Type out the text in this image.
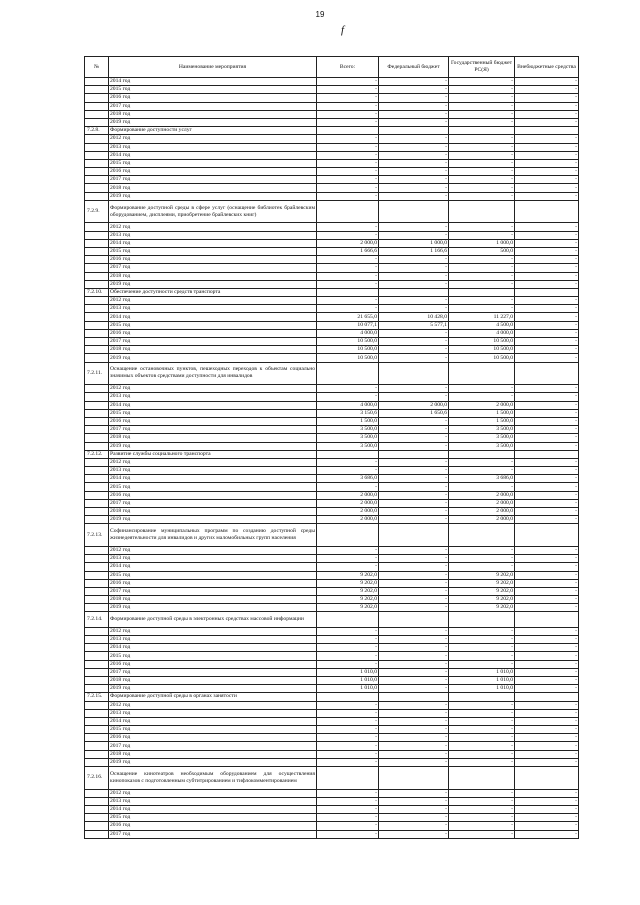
19
f
№	Наименование мероприятия	Всего:	Федеральный бюджет	Государственный бюджет РС(Я)	Внебюджетные средства
	2014 год	-	-	-	-
	2015 год	-	-	-	-
	2016 год	-	-	-	-
	2017 год	-	-	-	-
	2018 год	-	-	-	-
	2019 год	-	-	-	-
7.2.8.	Формирование доступности услуг				
	2012 год	-	-	-	-
	2013 год	-	-	-	-
	2014 год	-	-	-	-
	2015 год	-	-	-	-
	2016 год	-	-	-	-
	2017 год	-	-	-	-
	2018 год	-	-	-	-
	2019 год	-	-	-	-
7.2.9.	Формирование доступной среды в сфере услуг (оснащение библиотек брайлевским оборудованием, дисплеями, приобретение брайлевских книг)				
	2012 год	-	-	-	-
	2013 год	-	-	-	-
	2014 год	2 000,0	1 000,0	1 000,0	-
	2015 год	1 666,6	1 166,6	500,0	-
	2016 год	-	-	-	-
	2017 год	-	-	-	-
	2018 год	-	-	-	-
	2019 год	-	-	-	-
7.2.10.	Обеспечение доступности средств транспорта				
	2012 год	-	-	-	-
	2013 год	-	-	-	-
	2014 год	21 655,0	10 428,0	11 227,0	-
	2015 год	10 077,1	5 577,1	4 500,0	-
	2016 год	4 000,0	-	4 000,0	-
	2017 год	10 500,0	-	10 500,0	-
	2018 год	10 500,0	-	10 500,0	-
	2019 год	10 500,0	-	10 500,0	-
7.2.11.	Оснащение остановочных пунктов, пешеходных переходов к объектам социально значимых объектов средствами доступности для инвалидов				
	2012 год	-	-	-	-
	2013 год	-	-	-	-
	2014 год	4 000,0	2 000,0	2 000,0	-
	2015 год	3 150,6	1 650,6	1 500,0	-
	2016 год	1 500,0	-	1 500,0	-
	2017 год	3 500,0	-	3 500,0	-
	2018 год	3 500,0	-	3 500,0	-
	2019 год	3 500,0	-	3 500,0	-
7.2.12.	Развитие службы социального транспорта				
	2012 год	-	-	-	-
	2013 год	-	-	-	-
	2014 год	3 686,0	-	3 686,0	-
	2015 год	-	-	-	-
	2016 год	2 000,0	-	2 000,0	-
	2017 год	2 000,0	-	2 000,0	-
	2018 год	2 000,0	-	2 000,0	-
	2019 год	2 000,0	-	2 000,0	-
7.2.13.	Софинансирование муниципальных программ по созданию доступной среды жизнедеятельности для инвалидов и других маломобильных групп населения				
	2012 год	-	-	-	-
	2013 год	-	-	-	-
	2014 год	-	-	-	-
	2015 год	9 202,0	-	9 202,0	-
	2016 год	9 202,0	-	9 202,0	-
	2017 год	9 202,0	-	9 202,0	-
	2018 год	9 202,0	-	9 202,0	-
	2019 год	9 202,0	-	9 202,0	-
7.2.14.	Формирование доступной среды в электронных средствах массовой информации				
	2012 год	-	-	-	-
	2013 год	-	-	-	-
	2014 год	-	-	-	-
	2015 год	-	-	-	-
	2016 год	-	-	-	-
	2017 год	1 010,0	-	1 010,0	-
	2018 год	1 010,0	-	1 010,0	-
	2019 год	1 010,0	-	1 010,0	-
7.2.15.	Формирование доступной среды в органах занятости				
	2012 год	-	-	-	-
	2013 год	-	-	-	-
	2014 год	-	-	-	-
	2015 год	-	-	-	-
	2016 год	-	-	-	-
	2017 год	-	-	-	-
	2018 год	-	-	-	-
	2019 год	-	-	-	-
7.2.16.	Оснащение кинотеатров необходимым оборудованием для осуществления кинопоказов с подготовленным субтитрированием и тифлокомментированием				
	2012 год	-	-	-	-
	2013 год	-	-	-	-
	2014 год	-	-	-	-
	2015 год	-	-	-	-
	2016 год	-	-	-	-
	2017 год	-	-	-	-
